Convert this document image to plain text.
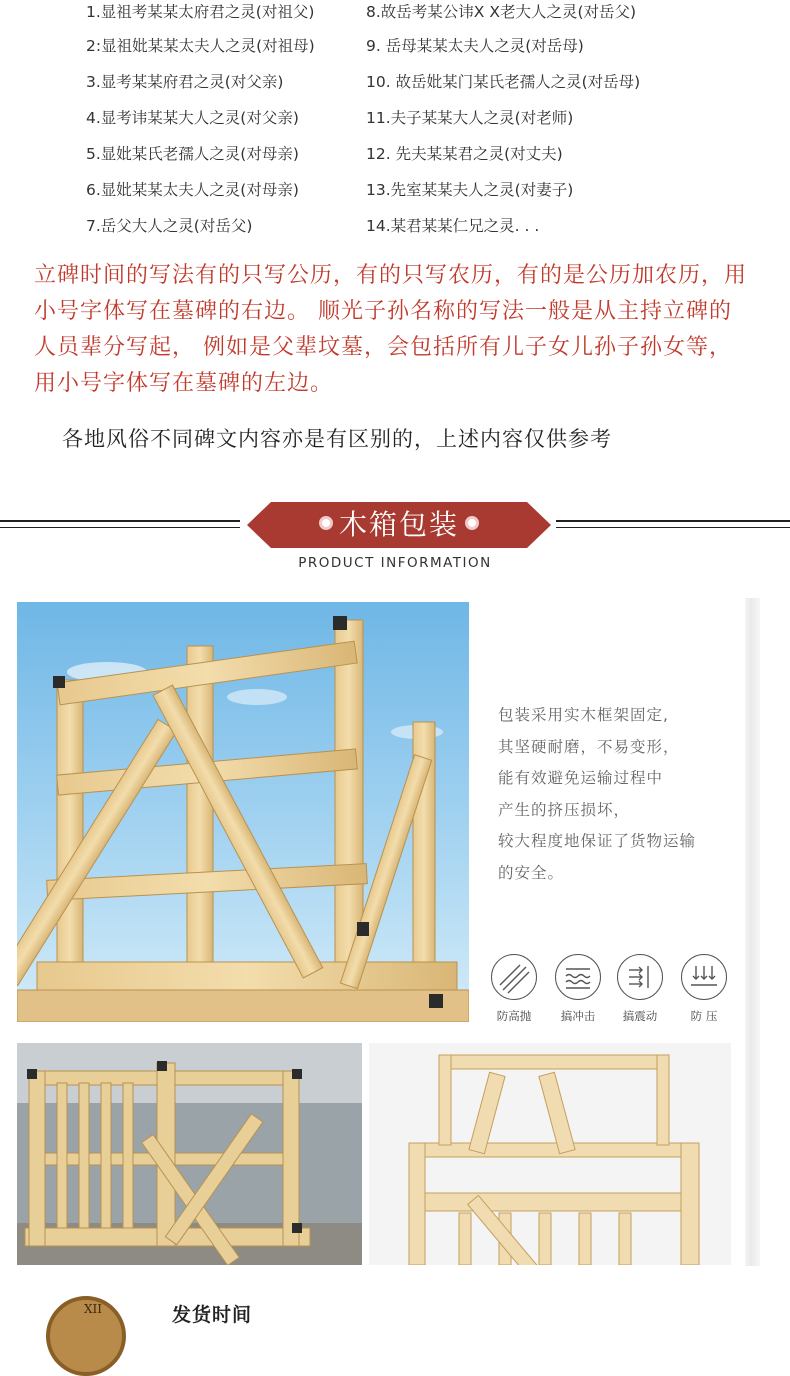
1.显祖考某某太府君之灵(对祖父)
2:显祖妣某某太夫人之灵(对祖母)
3.显考某某府君之灵(对父亲)
4.显考讳某某大人之灵(对父亲)
5.显妣某氏老孺人之灵(对母亲)
6.显妣某某太夫人之灵(对母亲)
7.岳父大人之灵(对岳父)
8.故岳考某公讳X X老大人之灵(对岳父)
9. 岳母某某太夫人之灵(对岳母)
10. 故岳妣某门某氏老孺人之灵(对岳母)
11.夫子某某大人之灵(对老师)
12. 先夫某某君之灵(对丈夫)
13.先室某某夫人之灵(对妻子)
14.某君某某仁兄之灵. . .
立碑时间的写法有的只写公历，有的只写农历，有的是公历加农历，用小号字体写在墓碑的右边。 顺光子孙名称的写法一般是从主持立碑的人员辈分写起， 例如是父辈坟墓，会包括所有儿子女儿孙子孙女等，用小号字体写在墓碑的左边。
各地风俗不同碑文内容亦是有区别的，上述内容仅供参考
木箱包装
PRODUCT INFORMATION
包装采用实木框架固定,
其坚硬耐磨，不易变形，
能有效避免运输过程中
产生的挤压损坏，
较大程度地保证了货物运输
的安全。
防高抛	搞冲击	搞震动	防 压
XII	发货时间
